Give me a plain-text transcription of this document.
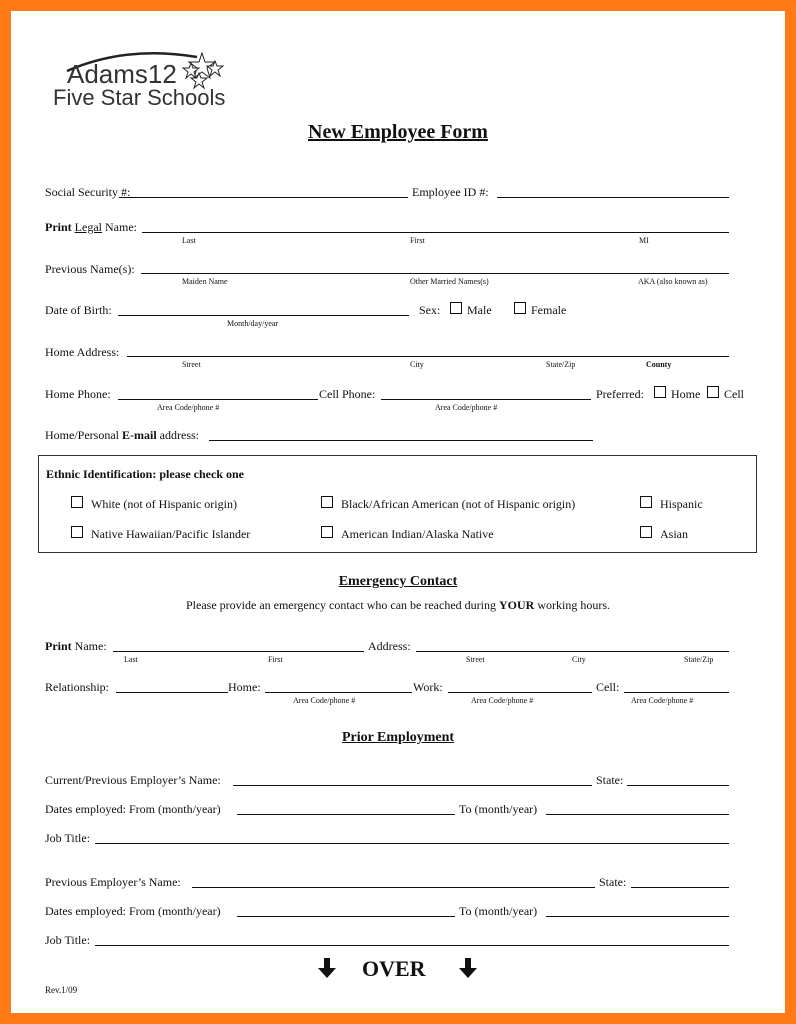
Adams12
Five Star Schools
New Employee Form
Social Security #:	Employee ID #:
Print Legal Name:
Last	First	MI
Previous Name(s):
Maiden Name	Other Married Names(s)	AKA (also known as)
Date of Birth:
Month/day/year
Sex: Male	Female
Home Address:
Street	City	State/Zip	County
Home Phone:
Area Code/phone #
Cell Phone:
Area Code/phone #
Preferred: Home Cell
Home/Personal E-mail address:
Ethnic Identification: please check one
White (not of Hispanic origin)	Black/African American (not of Hispanic origin)	Hispanic
Native Hawaiian/Pacific Islander	American Indian/Alaska Native	Asian
Emergency Contact
Please provide an emergency contact who can be reached during YOUR working hours.
Print Name:
Last	First
Address:
Street	City	State/Zip
Relationship:	Home:
Area Code/phone #
Work:
Area Code/phone #
Cell:
Area Code/phone #
Prior Employment
Current/Previous Employer’s Name:	State:
Dates employed: From (month/year)	To (month/year)
Job Title:
Previous Employer’s Name:	State:
Dates employed: From (month/year)	To (month/year)
Job Title:
OVER
Rev.1/09
